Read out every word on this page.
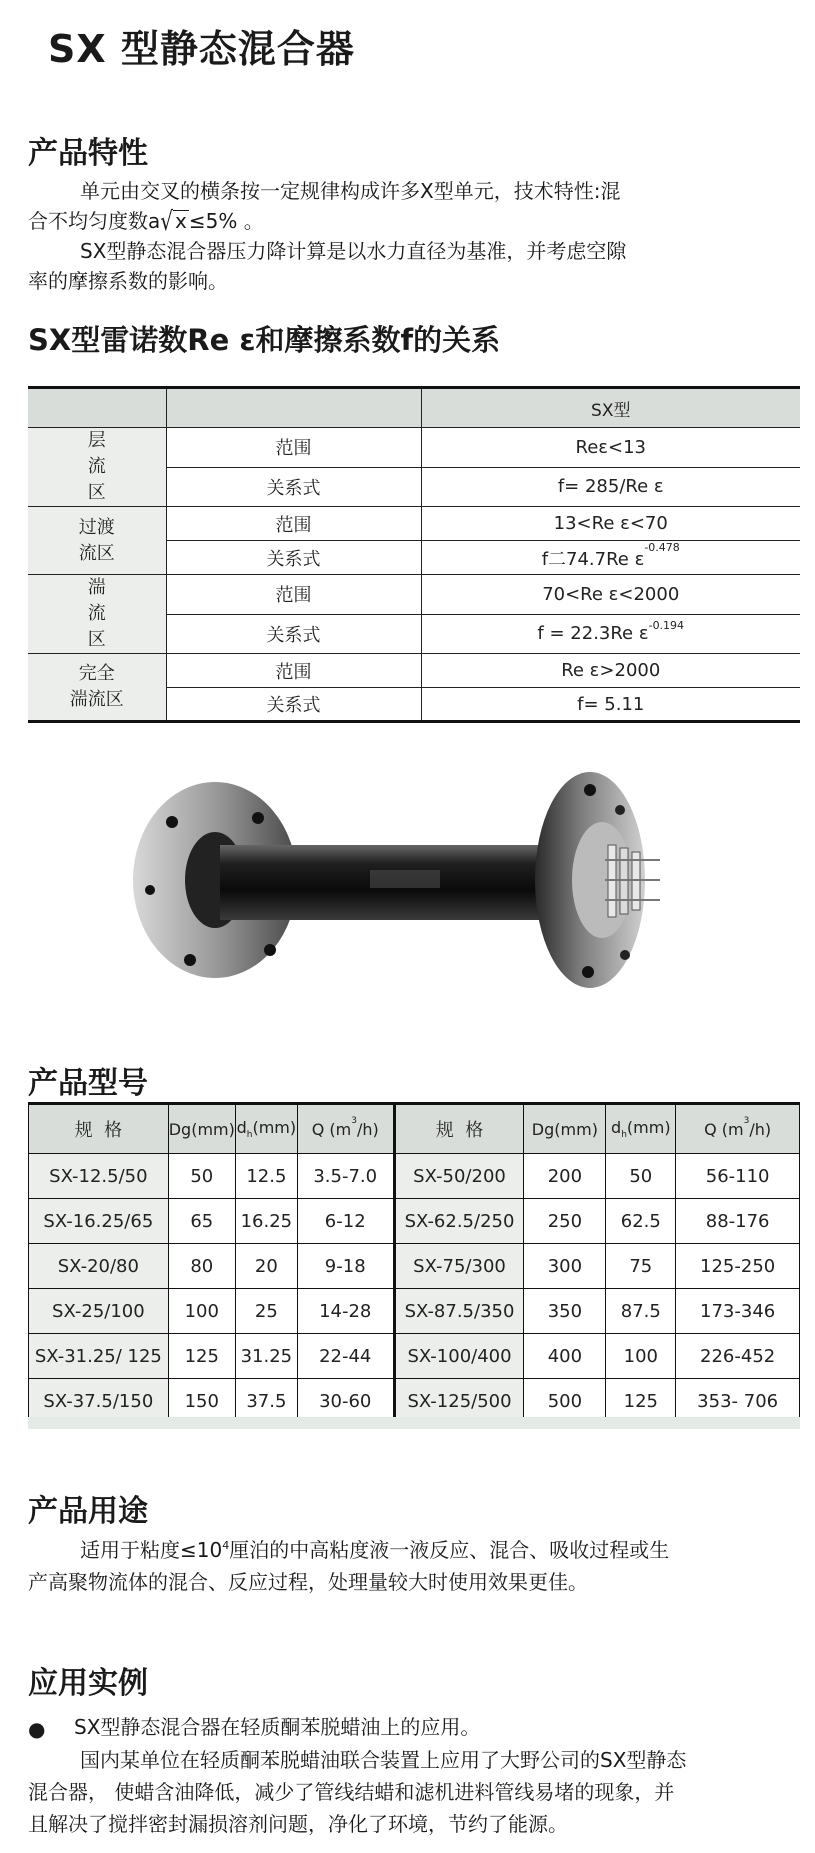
SX 型静态混合器
产品特性
单元由交叉的横条按一定规律构成许多X型单元，技术特性:混
合不均匀度数a√ x ≤5% 。
SX型静态混合器压力降计算是以水力直径为基准，并考虑空隙
率的摩擦系数的影响。
SX型雷诺数Re ε和摩擦系数f的关系
		SX型
层
流
区	范围	Reε<13
	关系式	f= 285/Re ε
过渡
流区	范围	13<Re ε<70
	关系式	f二74.7Re $\varepsilon^{-0.478}$
湍
流
区	范围	70<Re ε<2000
	关系式	f = 22.3Re $\varepsilon^{-0.194}$
完全
湍流区	范围	Re ε>2000
	关系式	f= 5.11
产品型号
规  格	Dg(mm)	$d_h(mm)$	Q $(m^3/h)$	规  格	Dg(mm)	$d_h(mm)$	Q $(m^3/h)$
SX-12.5/50	50	12.5	3.5-7.0	SX-50/200	200	50	56-110
SX-16.25/65	65	16.25	6-12	SX-62.5/250	250	62.5	88-176
SX-20/80	80	20	9-18	SX-75/300	300	75	125-250
SX-25/100	100	25	14-28	SX-87.5/350	350	87.5	173-346
SX-31.25/ 125	125	31.25	22-44	SX-100/400	400	100	226-452
SX-37.5/150	150	37.5	30-60	SX-125/500	500	125	353- 706
产品用途
适用于粘度$\le 10^4$厘泊的中高粘度液一液反应、混合、吸收过程或生
产高聚物流体的混合、反应过程，处理量较大时使用效果更佳。
应用实例
● SX型静态混合器在轻质酮苯脱蜡油上的应用。
国内某单位在轻质酮苯脱蜡油联合装置上应用了大野公司的SX型静态
混合器， 使蜡含油降低，减少了管线结蜡和滤机进料管线易堵的现象，并
且解决了搅拌密封漏损溶剂问题，净化了环境，节约了能源。
